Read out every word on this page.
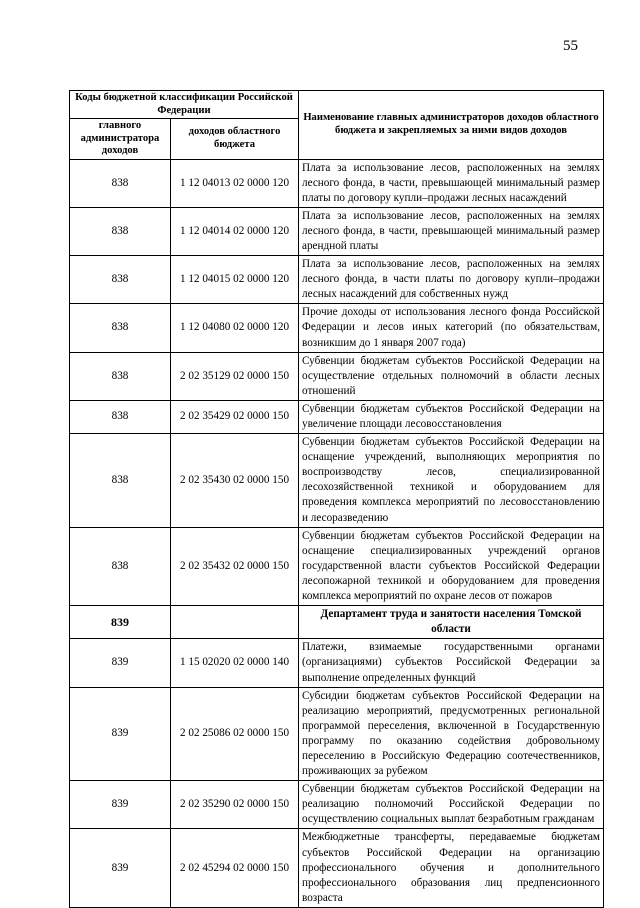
55
Коды бюджетной классификации Российской Федерации		Наименование главных администраторов доходов областного бюджета и закрепляемых за ними видов доходов
главного администратора доходов	доходов областного бюджета	
838	1 12 04013 02 0000 120	Плата за использование лесов, расположенных на землях лесного фонда, в части, превышающей минимальный размер платы по договору купли–продажи лесных насаждений
838	1 12 04014 02 0000 120	Плата за использование лесов, расположенных на землях лесного фонда, в части, превышающей минимальный размер арендной платы
838	1 12 04015 02 0000 120	Плата за использование лесов, расположенных на землях лесного фонда, в части платы по договору купли–продажи лесных насаждений для собственных нужд
838	1 12 04080 02 0000 120	Прочие доходы от использования лесного фонда Российской Федерации и лесов иных категорий (по обязательствам, возникшим до 1 января 2007 года)
838	2 02 35129 02 0000 150	Субвенции бюджетам субъектов Российской Федерации на осуществление отдельных полномочий в области лесных отношений
838	2 02 35429 02 0000 150	Субвенции бюджетам субъектов Российской Федерации на увеличение площади лесовосстановления
838	2 02 35430 02 0000 150	Субвенции бюджетам субъектов Российской Федерации на оснащение учреждений, выполняющих мероприятия по воспроизводству лесов, специализированной лесохозяйственной техникой и оборудованием для проведения комплекса мероприятий по лесовосстановлению и лесоразведению
838	2 02 35432 02 0000 150	Субвенции бюджетам субъектов Российской Федерации на оснащение специализированных учреждений органов государственной власти субъектов Российской Федерации лесопожарной техникой и оборудованием для проведения комплекса мероприятий по охране лесов от пожаров
839		Департамент труда и занятости населения Томской области
839	1 15 02020 02 0000 140	Платежи, взимаемые государственными органами (организациями) субъектов Российской Федерации за выполнение определенных функций
839	2 02 25086 02 0000 150	Субсидии бюджетам субъектов Российской Федерации на реализацию мероприятий, предусмотренных региональной программой переселения, включенной в Государственную программу по оказанию содействия добровольному переселению в Российскую Федерацию соотечественников, проживающих за рубежом
839	2 02 35290 02 0000 150	Субвенции бюджетам субъектов Российской Федерации на реализацию полномочий Российской Федерации по осуществлению социальных выплат безработным гражданам
839	2 02 45294 02 0000 150	Межбюджетные трансферты, передаваемые бюджетам субъектов Российской Федерации на организацию профессионального обучения и дополнительного профессионального образования лиц предпенсионного возраста
